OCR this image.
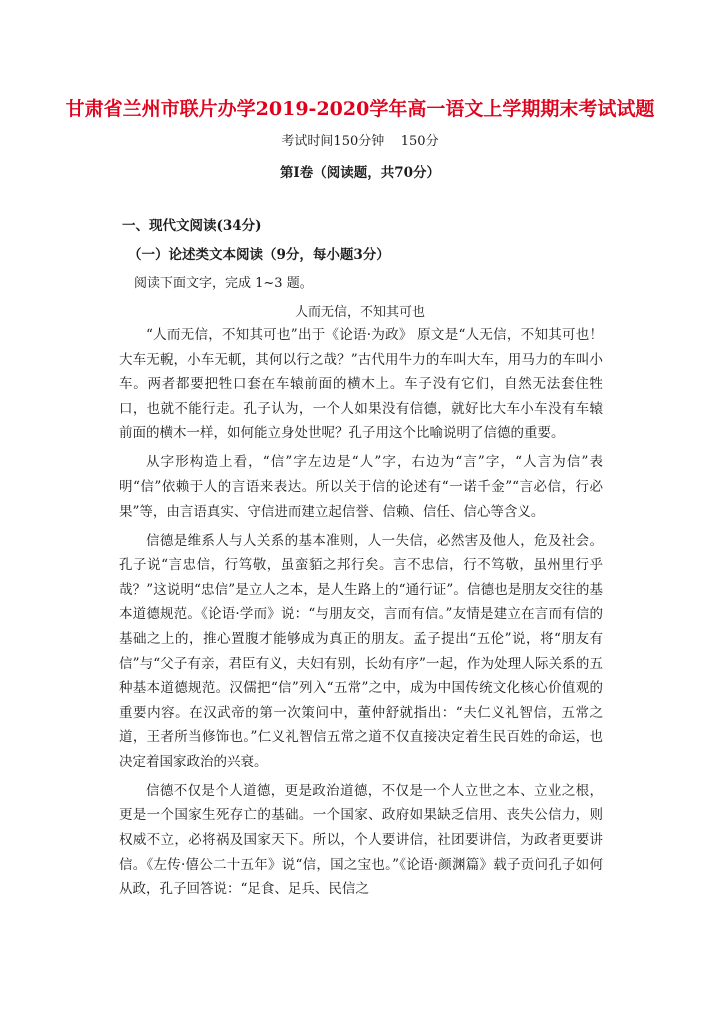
甘肃省兰州市联片办学2019-2020学年高一语文上学期期末考试试题
考试时间150分钟    150分
第Ⅰ卷（阅读题，共70分）
一、现代文阅读(34分)
（一）论述类文本阅读（9分，每小题3分）
阅读下面文字，完成 1~3 题。
人而无信，不知其可也

“人而无信，不知其可也”出于《论语·为政》 原文是“人无信，不知其可也！大车无輗，小车无軏，其何以行之哉？”古代用牛力的车叫大车，用马力的车叫小车。两者都要把牲口套在车辕前面的横木上。车子没有它们，自然无法套住牲口，也就不能行走。孔子认为，一个人如果没有信德，就好比大车小车没有车辕前面的横木一样，如何能立身处世呢？孔子用这个比喻说明了信德的重要。

从字形构造上看，“信”字左边是“人”字，右边为“言”字，“人言为信”表明“信”依赖于人的言语来表达。所以关于信的论述有“一诺千金”“言必信，行必果”等，由言语真实、守信进而建立起信誉、信赖、信任、信心等含义。

信德是维系人与人关系的基本准则，人一失信，必然害及他人，危及社会。孔子说“言忠信，行笃敬，虽蛮貊之邦行矣。言不忠信，行不笃敬，虽州里行乎哉？”这说明“忠信”是立人之本，是人生路上的“通行证”。信德也是朋友交往的基本道德规范。《论语·学而》说：“与朋友交，言而有信。”友情是建立在言而有信的基础之上的，推心置腹才能够成为真正的朋友。孟子提出“五伦”说，将“朋友有信”与“父子有亲，君臣有义，夫妇有别，长幼有序”一起，作为处理人际关系的五种基本道德规范。汉儒把“信”列入“五常”之中，成为中国传统文化核心价值观的重要内容。在汉武帝的第一次策问中，董仲舒就指出：“夫仁义礼智信，五常之道，王者所当修饰也。”仁义礼智信五常之道不仅直接决定着生民百姓的命运，也决定着国家政治的兴衰。

信德不仅是个人道德，更是政治道德，不仅是一个人立世之本、立业之根，更是一个国家生死存亡的基础。一个国家、政府如果缺乏信用、丧失公信力，则权威不立，必将祸及国家天下。所以，个人要讲信，社团要讲信，为政者更要讲信。《左传·僖公二十五年》说“信，国之宝也。”《论语·颜渊篇》载子贡问孔子如何从政，孔子回答说：“足食、足兵、民信之
